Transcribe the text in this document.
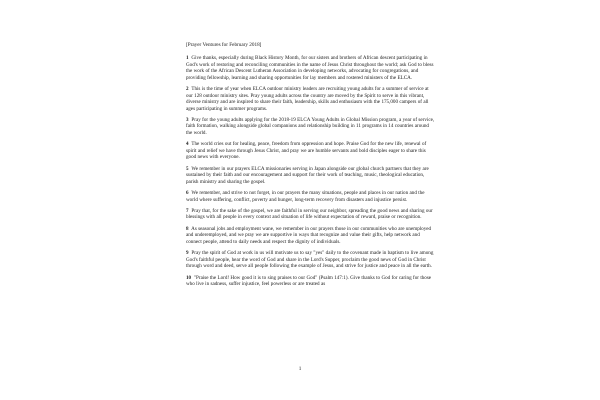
[Prayer Ventures for February 2018]

1 Give thanks, especially during Black History Month, for our sisters and brothers of African descent participating in God's work of restoring and reconciling communities in the name of Jesus Christ throughout the world; ask God to bless the work of the African Descent Lutheran Association in developing networks, advocating for congregations, and providing fellowship, learning and sharing opportunities for lay members and rostered ministers of the ELCA.

2 This is the time of year when ELCA outdoor ministry leaders are recruiting young adults for a summer of service at our 128 outdoor ministry sites. Pray young adults across the country are moved by the Spirit to serve in this vibrant, diverse ministry and are inspired to share their faith, leadership, skills and enthusiasm with the 175,000 campers of all ages participating in summer programs.

3 Pray for the young adults applying for the 2018-19 ELCA Young Adults in Global Mission program, a year of service, faith formation, walking alongside global companions and relationship building in 11 programs in 14 countries around the world.

4 The world cries out for healing, peace, freedom from oppression and hope. Praise God for the new life, renewal of spirit and relief we have through Jesus Christ, and pray we are humble servants and bold disciples eager to share this good news with everyone.

5 We remember in our prayers ELCA missionaries serving in Japan alongside our global church partners that they are sustained by their faith and our encouragement and support for their work of teaching, music, theological education, parish ministry and sharing the gospel.

6 We remember, and strive to not forget, in our prayers the many situations, people and places in our nation and the world where suffering, conflict, poverty and hunger, long-term recovery from disasters and injustice persist.

7 Pray that, for the sake of the gospel, we are faithful in serving our neighbor, spreading the good news and sharing our blessings with all people in every context and situation of life without expectation of reward, praise or recognition.

8 As seasonal jobs and employment wane, we remember in our prayers those in our communities who are unemployed and underemployed, and we pray we are supportive in ways that recognize and value their gifts, help network and connect people, attend to daily needs and respect the dignity of individuals.

9 Pray the spirit of God at work in us will motivate us to say "yes" daily to the covenant made in baptism to live among God's faithful people, hear the word of God and share in the Lord's Supper, proclaim the good news of God in Christ through word and deed, serve all people following the example of Jesus, and strive for justice and peace in all the earth.

10 "Praise the Lord! How good it is to sing praises to our God" (Psalm 147:1). Give thanks to God for caring for those who live in sadness, suffer injustice, feel powerless or are treated as

1
